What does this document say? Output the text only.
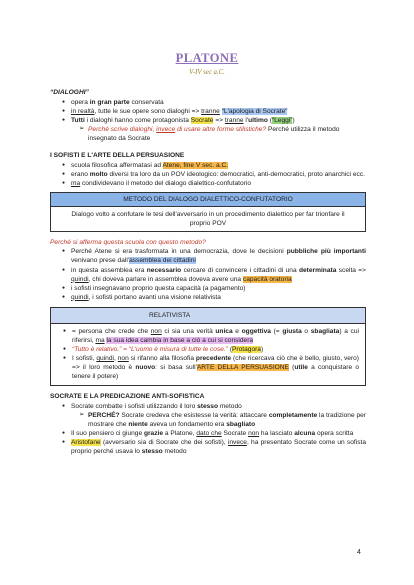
PLATONE
V-IV sec a.C.
“DIALOGHI”
● opera in gran parte conservata
● in realtà, tutte le sue opere sono dialoghi => tranne “L'apologia di Socrate”
● Tutti i dialoghi hanno come protagonista Socrate => tranne l'ultimo (“Leggi”)
➢ Perché scrive dialoghi, invece di usare altre forme stilistiche? Perché utilizza il metodo insegnato da Socrate
I SOFISTI E L'ARTE DELLA PERSUASIONE
● scuola filosofica affermatasi ad Atene, fine V sec. a.C.
● erano molto diversi tra loro da un POV ideologico: democratici, anti-democratici, proto anarchici ecc.
● ma condividevano il metodo del dialogo dialettico-confutatorio
METODO DEL DIALOGO DIALETTICO-CONFUTATORIO
Dialogo volto a confutare le tesi dell'avversario in un procedimento dialettico per far trionfare il proprio POV
Perché si afferma questa scuola con questo metodo?
● Perché Atene si era trasformata in una democrazia, dove le decisioni pubbliche più importanti venivano prese dall'assemblea dei cittadini
● in questa assemblea era necessario cercare di convincere i cittadini di una determinata scelta => quindi, chi doveva parlare in assemblea doveva avere una capacità oratoria
● i sofisti insegnavano proprio questa capacità (a pagamento)
● quindi, i sofisti portano avanti una visione relativista
RELATIVISTA
● = persona che crede che non ci sia una verità unica e oggettiva (= giusta o sbagliata) a cui riferirsi, ma la sua idea cambia in base a ciò a cui si considera
● “Tutto è relativo.” = “L'uomo è misura di tutte le cose.” (Protagora)
● I sofisti, quindi, non si rifanno alla filosofia precedente (che ricercava ciò che è bello, giusto, vero) => il loro metodo è nuovo: si basa sull'ARTE DELLA PERSUASIONE (utile a conquistare o tenere il potere)
SOCRATE E LA PREDICAZIONE ANTI-SOFISTICA
● Socrate combatte i sofisti utilizzando il loro stesso metodo
➢ PERCHÉ? Socrate credeva che esistesse la verità: attaccare completamente la tradizione per mostrare che niente aveva un fondamento era sbagliato
● Il suo pensiero ci giunge grazie a Platone, dato che Socrate non ha lasciato alcuna opera scritta
● Aristofane (avversario sia di Socrate che dei sofisti), invece, ha presentato Socrate come un sofista proprio perché usava lo stesso metodo
4
